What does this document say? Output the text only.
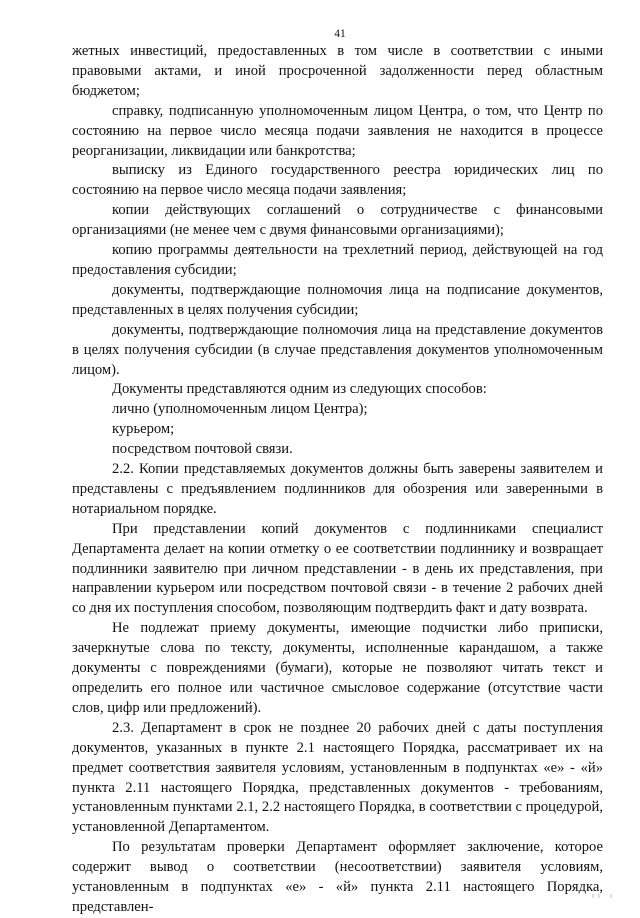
41

жетных инвестиций, предоставленных в том числе в соответствии с иными правовыми актами, и иной просроченной задолженности перед областным бюджетом;

справку, подписанную уполномоченным лицом Центра, о том, что Центр по состоянию на первое число месяца подачи заявления не находится в процессе реорганизации, ликвидации или банкротства;

выписку из Единого государственного реестра юридических лиц по состоянию на первое число месяца подачи заявления;

копии действующих соглашений о сотрудничестве с финансовыми организациями (не менее чем с двумя финансовыми организациями);

копию программы деятельности на трехлетний период, действующей на год предоставления субсидии;

документы, подтверждающие полномочия лица на подписание документов, представленных в целях получения субсидии;

документы, подтверждающие полномочия лица на представление документов в целях получения субсидии (в случае представления документов уполномоченным лицом).

Документы представляются одним из следующих способов:

лично (уполномоченным лицом Центра);

курьером;

посредством почтовой связи.

2.2. Копии представляемых документов должны быть заверены заявителем и представлены с предъявлением подлинников для обозрения или заверенными в нотариальном порядке.

При представлении копий документов с подлинниками специалист Департамента делает на копии отметку о ее соответствии подлиннику и возвращает подлинники заявителю при личном представлении - в день их представления, при направлении курьером или посредством почтовой связи - в течение 2 рабочих дней со дня их поступления способом, позволяющим подтвердить факт и дату возврата.

Не подлежат приему документы, имеющие подчистки либо приписки, зачеркнутые слова по тексту, документы, исполненные карандашом, а также документы с повреждениями (бумаги), которые не позволяют читать текст и определить его полное или частичное смысловое содержание (отсутствие части слов, цифр или предложений).

2.3. Департамент в срок не позднее 20 рабочих дней с даты поступления документов, указанных в пункте 2.1 настоящего Порядка, рассматривает их на предмет соответствия заявителя условиям, установленным в подпунктах «е» - «й» пункта 2.11 настоящего Порядка, представленных документов - требованиям, установленным пунктами 2.1, 2.2 настоящего Порядка, в соответствии с процедурой, установленной Департаментом.

По результатам проверки Департамент оформляет заключение, которое содержит вывод о соответствии (несоответствии) заявителя условиям, установленным в подпунктах «е» - «й» пункта 2.11 настоящего Порядка, представлен-

ıı ı
